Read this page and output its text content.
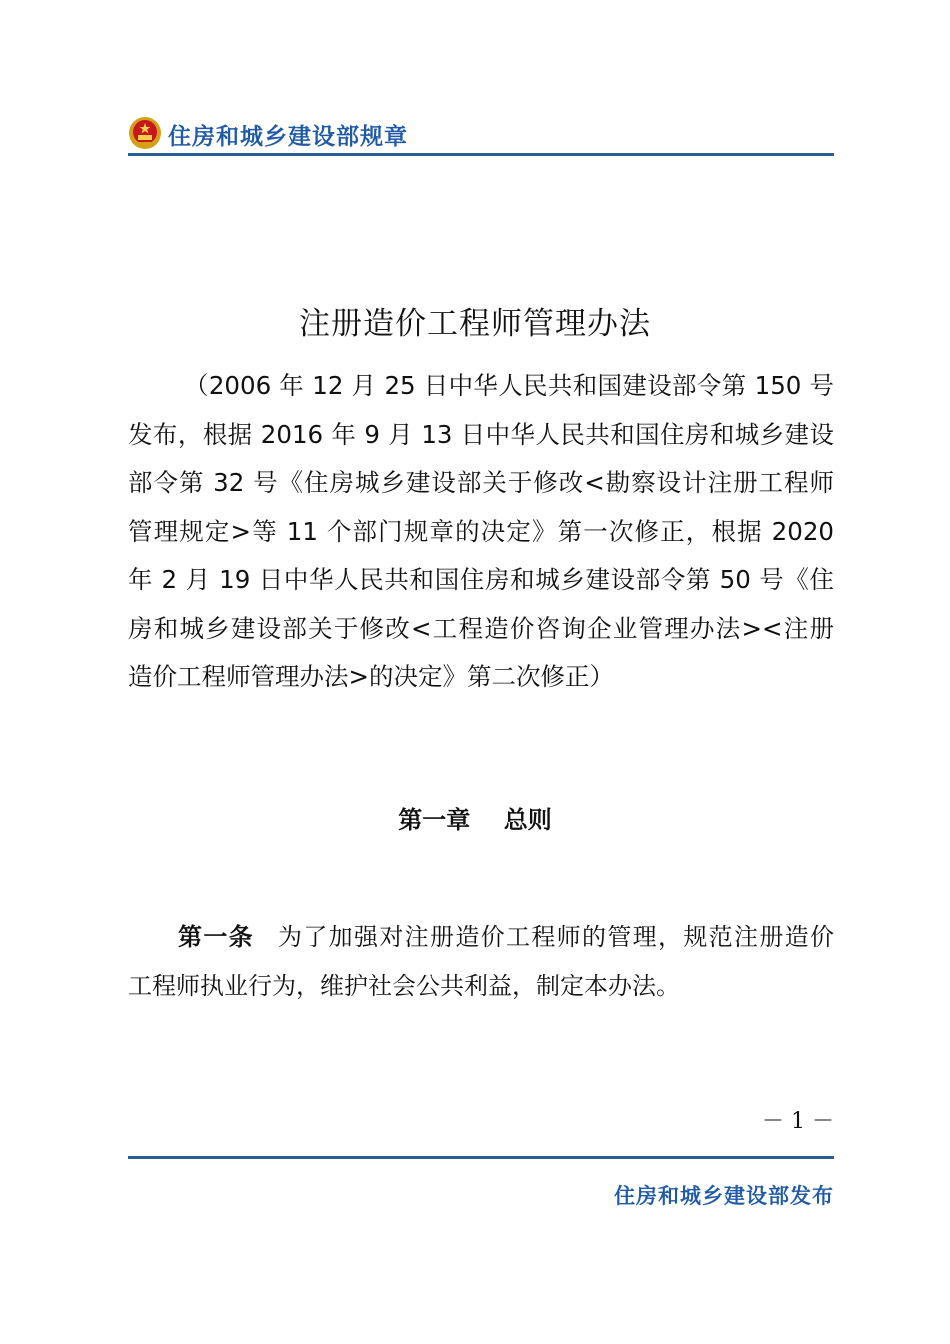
住房和城乡建设部规章
注册造价工程师管理办法
（2006 年 12 月 25 日中华人民共和国建设部令第 150 号
发布，根据 2016 年 9 月 13 日中华人民共和国住房和城乡建设
部令第 32 号《住房城乡建设部关于修改<勘察设计注册工程师
管理规定>等 11 个部门规章的决定》第一次修正，根据 2020
年 2 月 19 日中华人民共和国住房和城乡建设部令第 50 号《住
房和城乡建设部关于修改<工程造价咨询企业管理办法><注册
造价工程师管理办法>的决定》第二次修正）
第一章    总则
第一条 为了加强对注册造价工程师的管理，规范注册造价
工程师执业行为，维护社会公共利益，制定本办法。
－ 1 －
住房和城乡建设部发布
